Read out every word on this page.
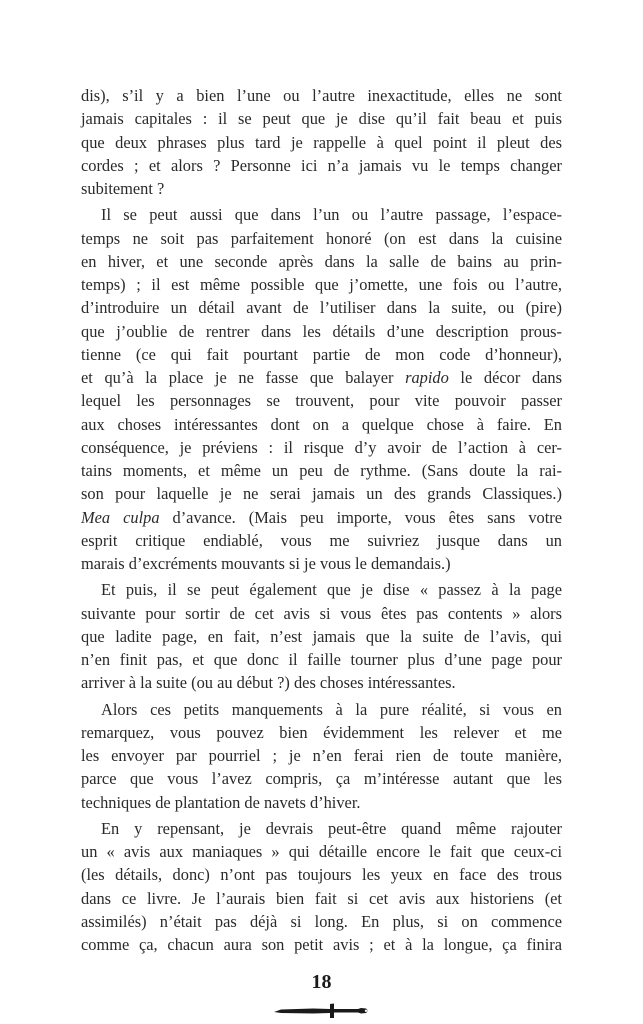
dis), s’il y a bien l’une ou l’autre inexactitude, elles ne sont
jamais capitales : il se peut que je dise qu’il fait beau et puis
que deux phrases plus tard je rappelle à quel point il pleut des
cordes ; et alors ? Personne ici n’a jamais vu le temps changer
subitement ?
Il se peut aussi que dans l’un ou l’autre passage, l’espace-
temps ne soit pas parfaitement honoré (on est dans la cuisine
en hiver, et une seconde après dans la salle de bains au prin-
temps) ; il est même possible que j’omette, une fois ou l’autre,
d’introduire un détail avant de l’utiliser dans la suite, ou (pire)
que j’oublie de rentrer dans les détails d’une description prous-
tienne (ce qui fait pourtant partie de mon code d’honneur),
et qu’à la place je ne fasse que balayer rapido le décor dans
lequel les personnages se trouvent, pour vite pouvoir passer
aux choses intéressantes dont on a quelque chose à faire. En
conséquence, je préviens : il risque d’y avoir de l’action à cer-
tains moments, et même un peu de rythme. (Sans doute la rai-
son pour laquelle je ne serai jamais un des grands Classiques.)
Mea culpa d’avance. (Mais peu importe, vous êtes sans votre
esprit critique endiablé, vous me suivriez jusque dans un
marais d’excréments mouvants si je vous le demandais.)
Et puis, il se peut également que je dise « passez à la page
suivante pour sortir de cet avis si vous êtes pas contents » alors
que ladite page, en fait, n’est jamais que la suite de l’avis, qui
n’en finit pas, et que donc il faille tourner plus d’une page pour
arriver à la suite (ou au début ?) des choses intéressantes.
Alors ces petits manquements à la pure réalité, si vous en
remarquez, vous pouvez bien évidemment les relever et me
les envoyer par pourriel ; je n’en ferai rien de toute manière,
parce que vous l’avez compris, ça m’intéresse autant que les
techniques de plantation de navets d’hiver.
En y repensant, je devrais peut-être quand même rajouter
un « avis aux maniaques » qui détaille encore le fait que ceux-ci
(les détails, donc) n’ont pas toujours les yeux en face des trous
dans ce livre. Je l’aurais bien fait si cet avis aux historiens (et
assimilés) n’était pas déjà si long. En plus, si on commence
comme ça, chacun aura son petit avis ; et à la longue, ça finira
18
